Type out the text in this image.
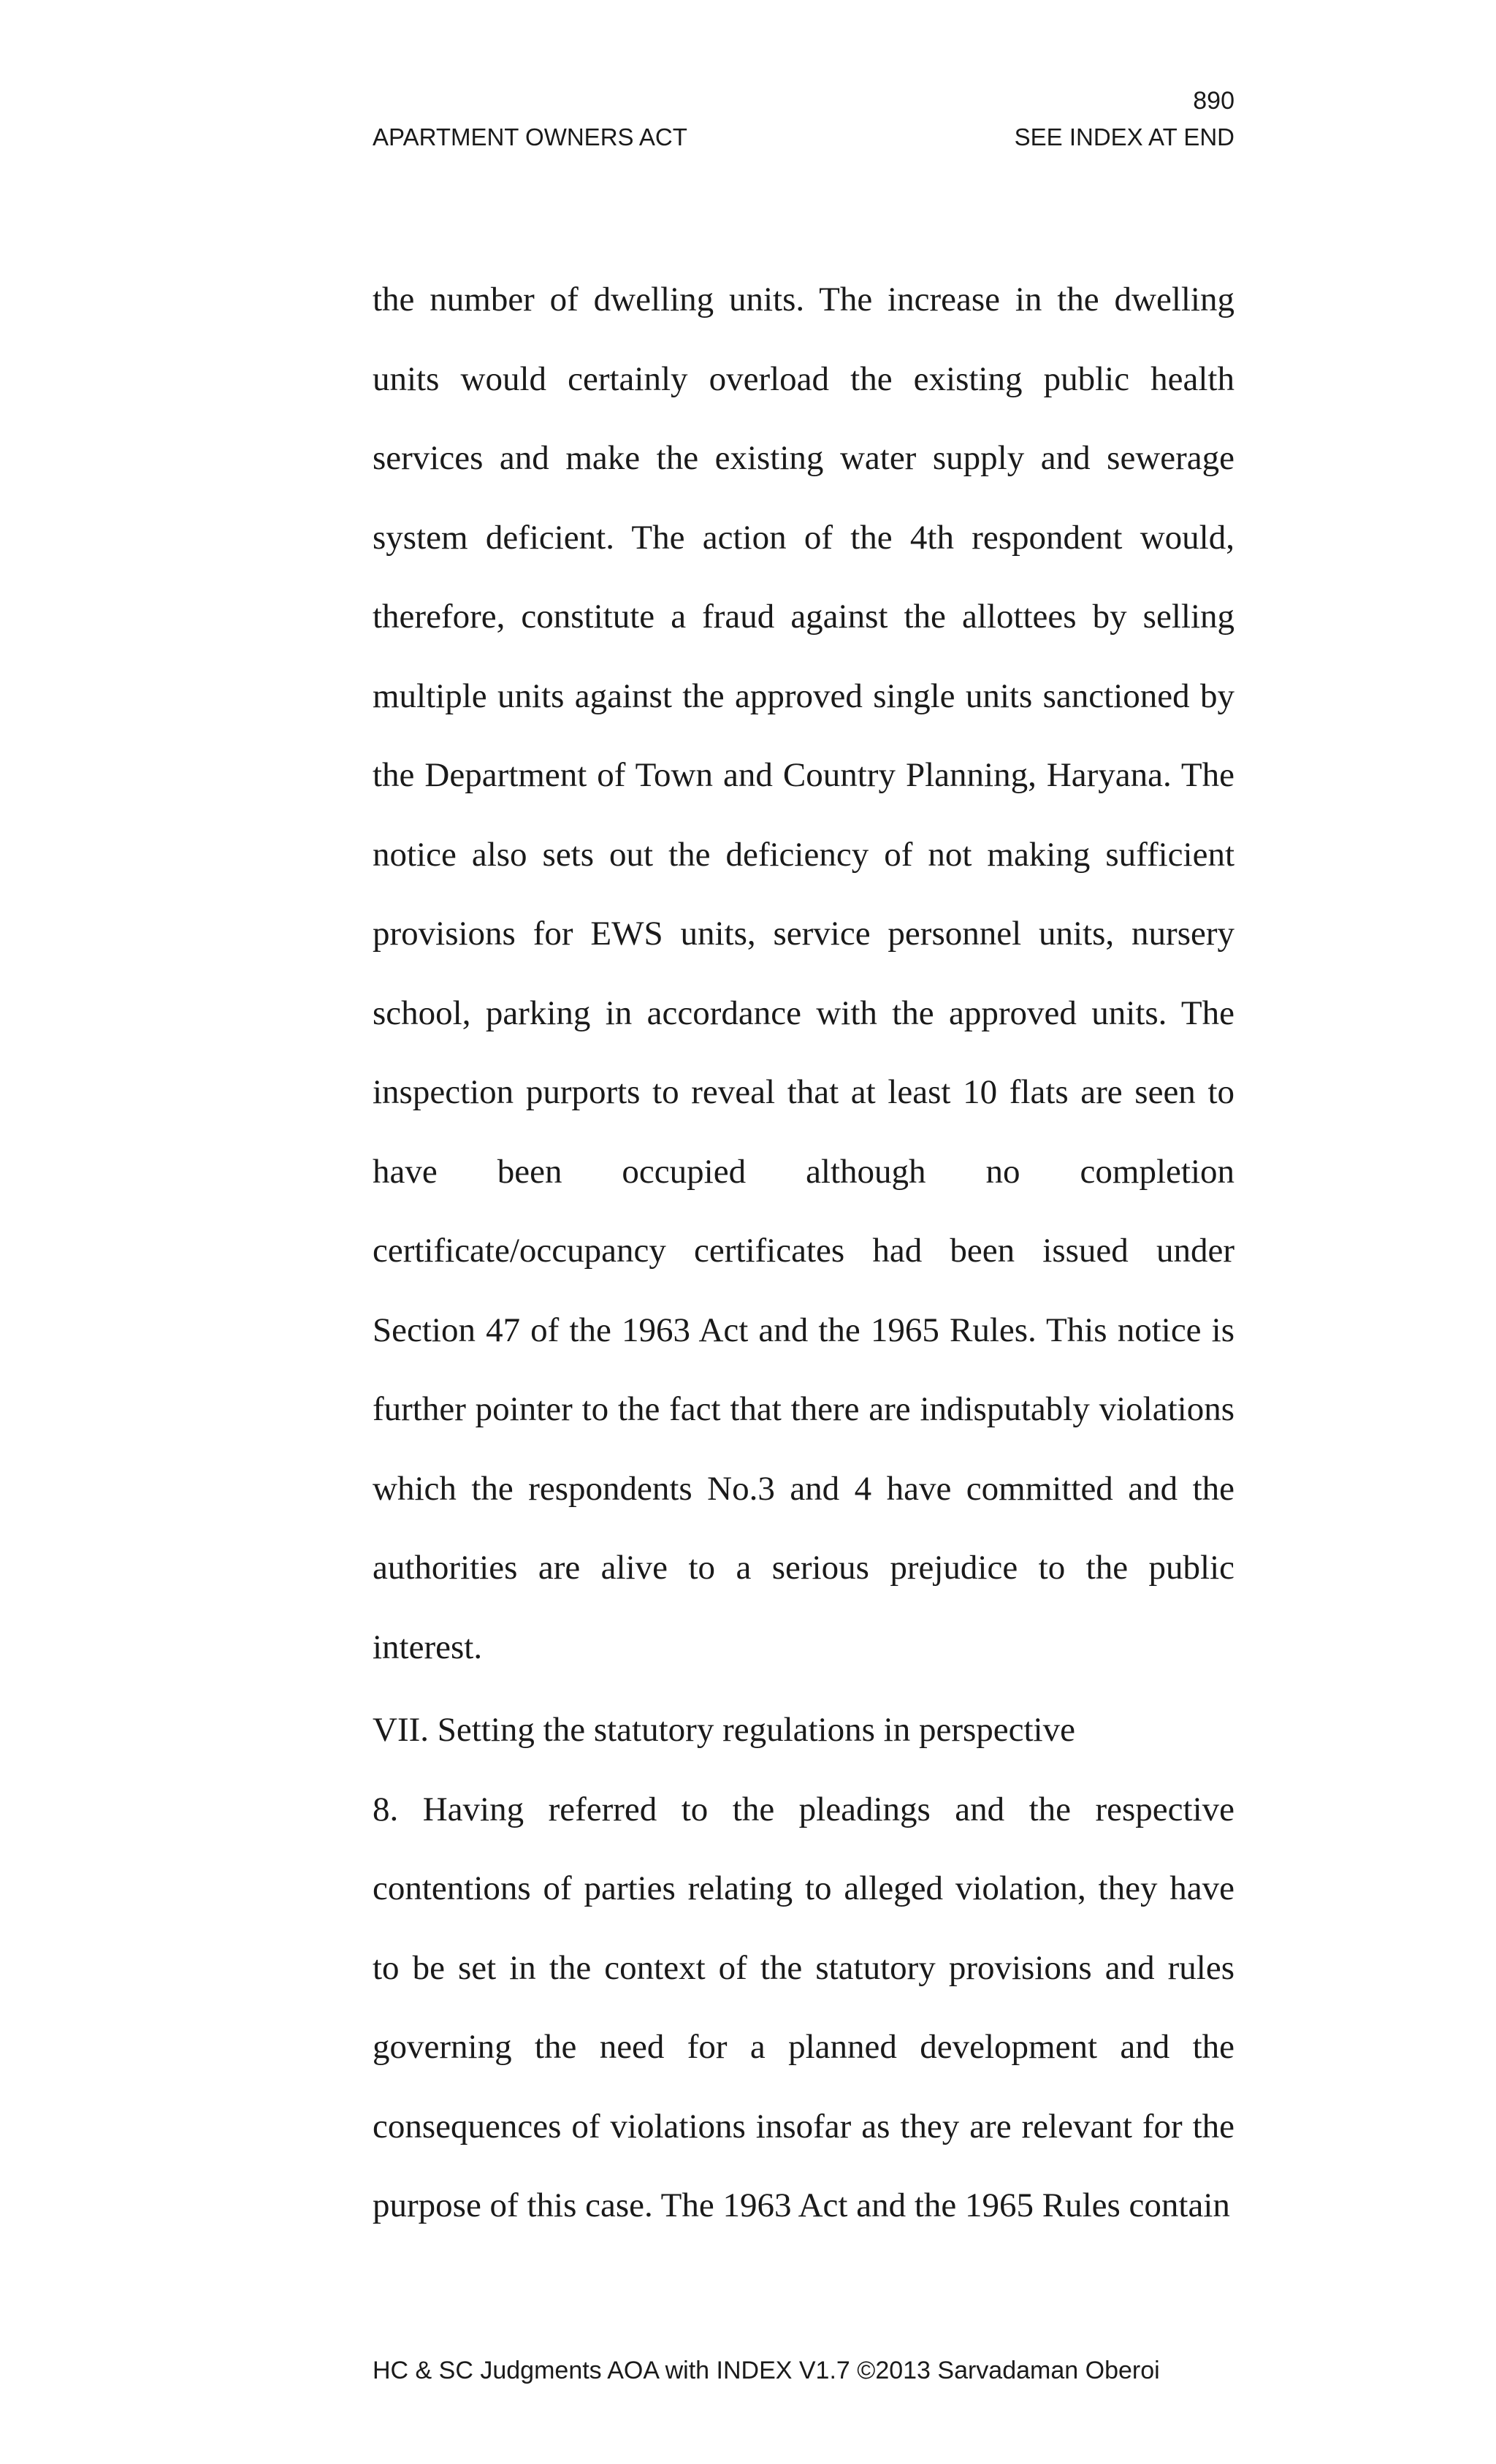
890
APARTMENT OWNERS ACT	SEE INDEX AT END

the number of dwelling units. The increase in the dwelling units would certainly overload the existing public health services and make the existing water supply and sewerage system deficient. The action of the 4th respondent would, therefore, constitute a fraud against the allottees by selling multiple units against the approved single units sanctioned by the Department of Town and Country Planning, Haryana. The notice also sets out the deficiency of not making sufficient provisions for EWS units, service personnel units, nursery school, parking in accordance with the approved units. The inspection purports to reveal that at least 10 flats are seen to have been occupied although no completion certificate/occupancy certificates had been issued under Section 47 of the 1963 Act and the 1965 Rules. This notice is further pointer to the fact that there are indisputably violations which the respondents No.3 and 4 have committed and the authorities are alive to a serious prejudice to the public interest.

VII. Setting the statutory regulations in perspective

8. Having referred to the pleadings and the respective contentions of parties relating to alleged violation, they have to be set in the context of the statutory provisions and rules governing the need for a planned development and the consequences of violations insofar as they are relevant for the purpose of this case. The 1963 Act and the 1965 Rules contain

HC & SC Judgments AOA with INDEX V1.7 ©2013 Sarvadaman Oberoi
